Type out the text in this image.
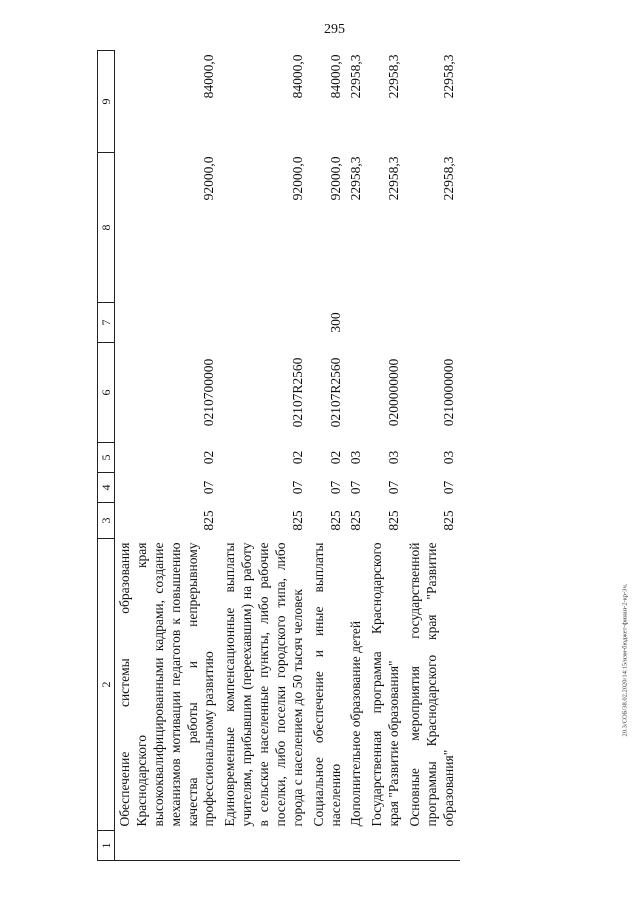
295
20.3/СОБ/38.02.2020/14:15/изм-бюджет-финан-2-кр-3ч.
1	2	3	4	5	6	7	8	9
	Обеспечение системы образования Краснодарского края высококвалифицированными кадрами, создание механизмов мотивации педагогов к повышению качества работы и непрерывному профессиональному развитию	825	07	02	0210700000		92000,0	84000,0
	Единовременные компенсационные выплаты учителям, прибывшим (переехавшим) на работу в сельские населенные пункты, либо рабочие поселки, либо поселки городского типа, либо города с населением до 50 тысяч человек	825	07	02	02107R2560		92000,0	84000,0
	Социальное обеспечение и иные выплаты населению	825	07	02	02107R2560	300	92000,0	84000,0
	Дополнительное образование детей	825	07	03			22958,3	22958,3
	Государственная программа Краснодарского края "Развитие образования"	825	07	03	0200000000		22958,3	22958,3
	Основные мероприятия государственной программы Краснодарского края "Развитие образования"	825	07	03	0210000000		22958,3	22958,3
